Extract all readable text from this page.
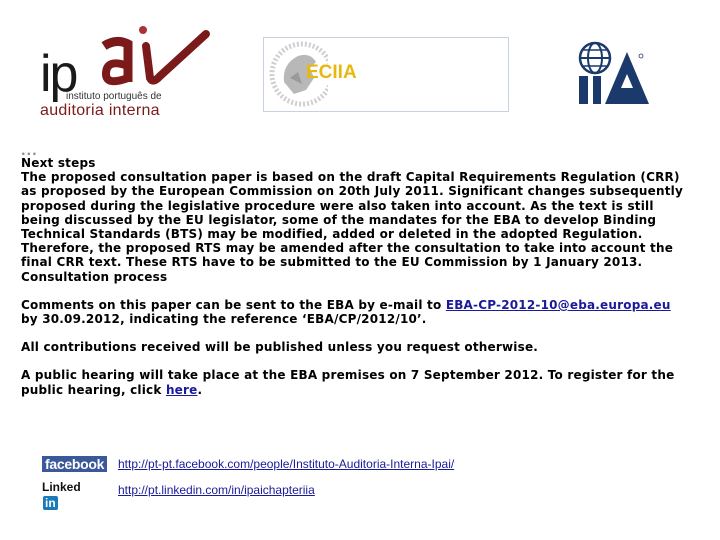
ip
instituto português de
auditoria interna
ECIIA
...
Next steps
The proposed consultation paper is based on the draft Capital Requirements Regulation (CRR) as proposed by the European Commission on 20th July 2011. Significant changes subsequently proposed during the legislative procedure were also taken into account. As the text is still being discussed by the EU legislator, some of the mandates for the EBA to develop Binding Technical Standards (BTS) may be modified, added or deleted in the adopted Regulation. Therefore, the proposed RTS may be amended after the consultation to take into account the final CRR text. These RTS have to be submitted to the EU Commission by 1 January 2013.
Consultation process
Comments on this paper can be sent to the EBA by e-mail to EBA-CP-2012-10@eba.europa.eu by 30.09.2012, indicating the reference ‘EBA/CP/2012/10’.
All contributions received will be published unless you request otherwise.
A public hearing will take place at the EBA premises on 7 September 2012. To register for the public hearing, click here.
facebook http://pt-pt.facebook.com/people/Instituto-Auditoria-Interna-Ipai/
Linkedin
http://pt.linkedin.com/in/ipaichapteriia
